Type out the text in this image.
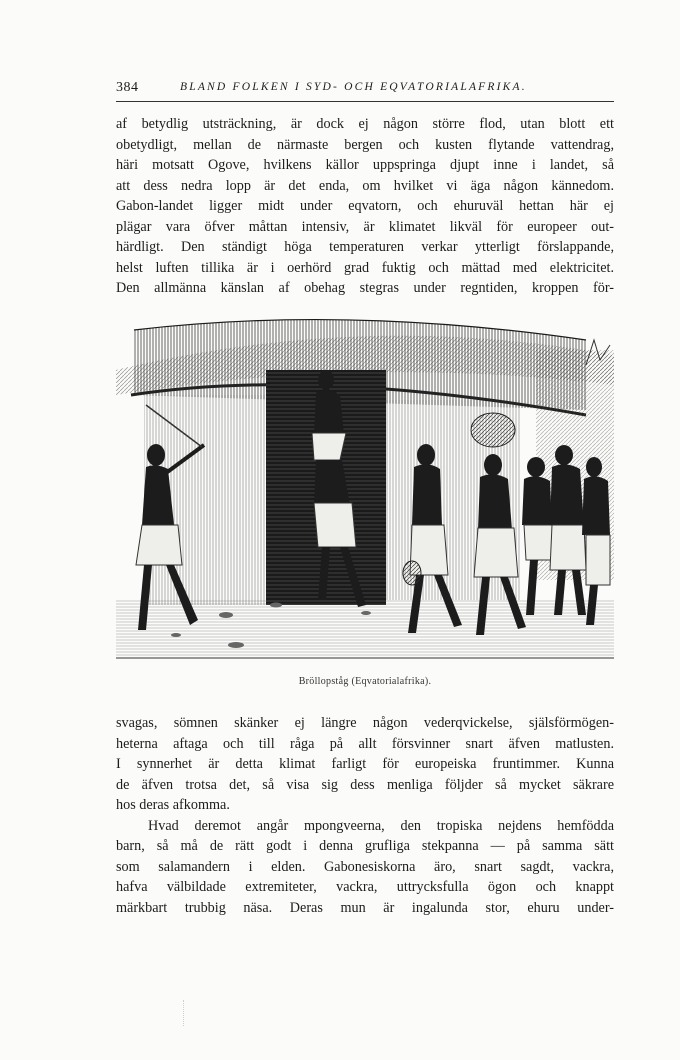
384	BLAND FOLKEN I SYD- OCH EQVATORIALAFRIKA.
af betydlig utsträckning, är dock ej någon större flod, utan blott ett
obetydligt, mellan de närmaste bergen och kusten flytande vattendrag,
häri motsatt Ogove, hvilkens källor uppspringa djupt inne i landet, så
att dess nedra lopp är det enda, om hvilket vi äga någon kännedom.
Gabon-landet ligger midt under eqvatorn, och ehuruväl hettan här ej
plägar vara öfver måttan intensiv, är klimatet likväl för europeer out-
härdligt. Den ständigt höga temperaturen verkar ytterligt förslappande,
helst luften tillika är i oerhörd grad fuktig och mättad med elektricitet.
Den allmänna känslan af obehag stegras under regntiden, kroppen för-
Bröllopståg (Eqvatorialafrika).
svagas, sömnen skänker ej längre någon vederqvickelse, själsförmögen-
heterna aftaga och till råga på allt försvinner snart äfven matlusten.
I synnerhet är detta klimat farligt för europeiska fruntimmer. Kunna
de äfven trotsa det, så visa sig dess menliga följder så mycket säkrare
hos deras afkomma.
Hvad deremot angår mpongveerna, den tropiska nejdens hemfödda
barn, så må de rätt godt i denna grufliga stekpanna — på samma sätt
som salamandern i elden. Gabonesiskorna äro, snart sagdt, vackra,
hafva välbildade extremiteter, vackra, uttrycksfulla ögon och knappt
märkbart trubbig näsa. Deras mun är ingalunda stor, ehuru under-
